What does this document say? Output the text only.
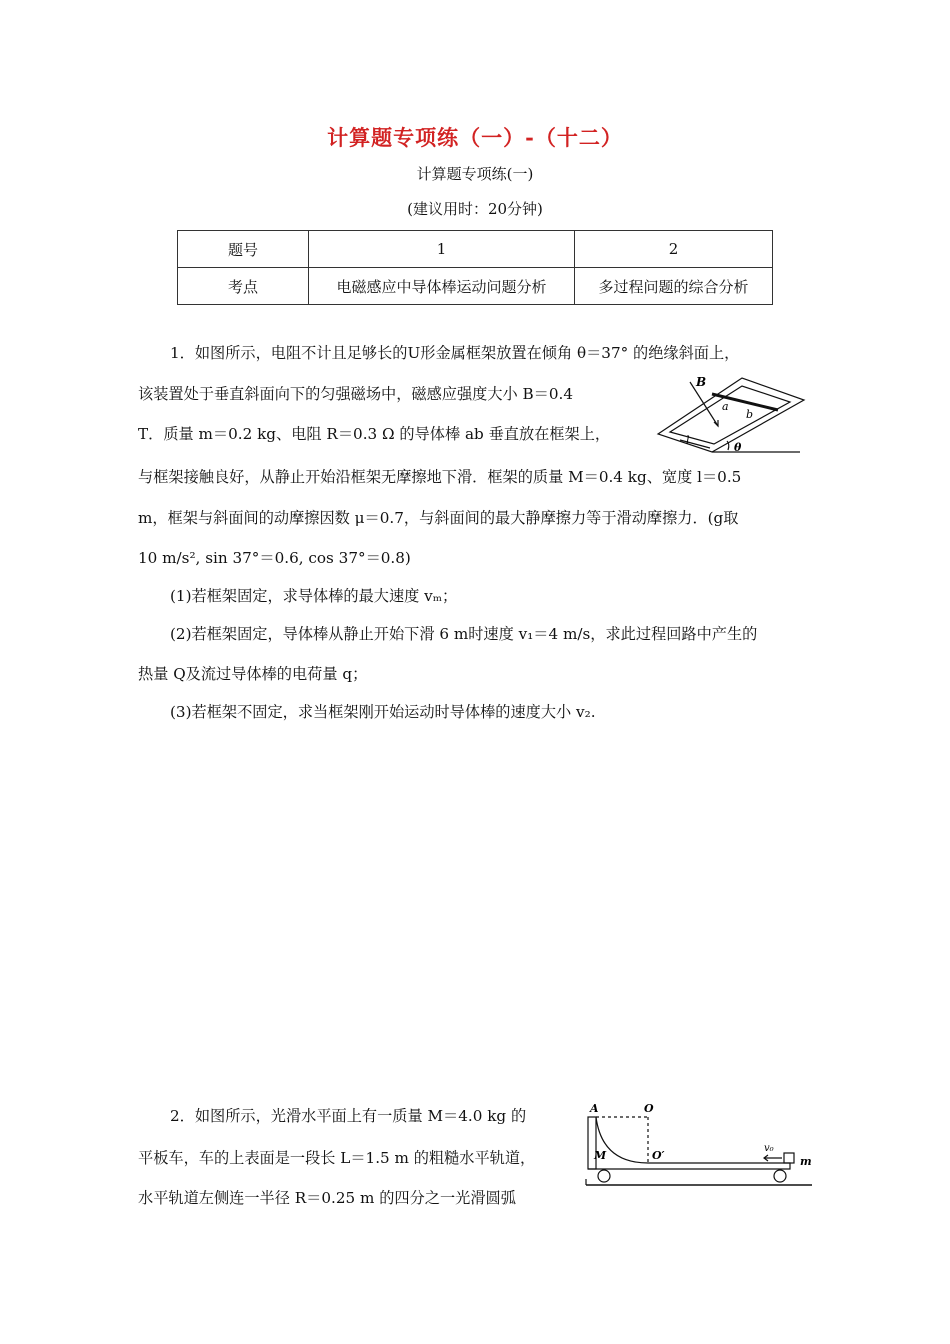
计算题专项练（一）-（十二）
计算题专项练(一)
(建议用时：20分钟)
题号	1	2
考点	电磁感应中导体棒运动问题分析	多过程问题的综合分析
1．如图所示，电阻不计且足够长的U形金属框架放置在倾角 θ＝37° 的绝缘斜面上，
该装置处于垂直斜面向下的匀强磁场中，磁感应强度大小 B＝0.4
T．质量 m＝0.2 kg、电阻 R＝0.3 Ω 的导体棒 ab 垂直放在框架上，
与框架接触良好，从静止开始沿框架无摩擦地下滑．框架的质量 M＝0.4 kg、宽度 l＝0.5
m，框架与斜面间的动摩擦因数 μ＝0.7，与斜面间的最大静摩擦力等于滑动摩擦力．(g取
10 m/s², sin 37°＝0.6, cos 37°＝0.8)
(1)若框架固定，求导体棒的最大速度 vₘ；
(2)若框架固定，导体棒从静止开始下滑 6 m时速度 v₁＝4 m/s，求此过程回路中产生的
热量 Q及流过导体棒的电荷量 q；
(3)若框架不固定，求当框架刚开始运动时导体棒的速度大小 v₂.
B
a
b
l
θ
2．如图所示，光滑水平面上有一质量 M＝4.0 kg 的
平板车，车的上表面是一段长 L＝1.5 m 的粗糙水平轨道，
水平轨道左侧连一半径 R＝0.25 m 的四分之一光滑圆弧
A	O
O′
M
v₀
m
